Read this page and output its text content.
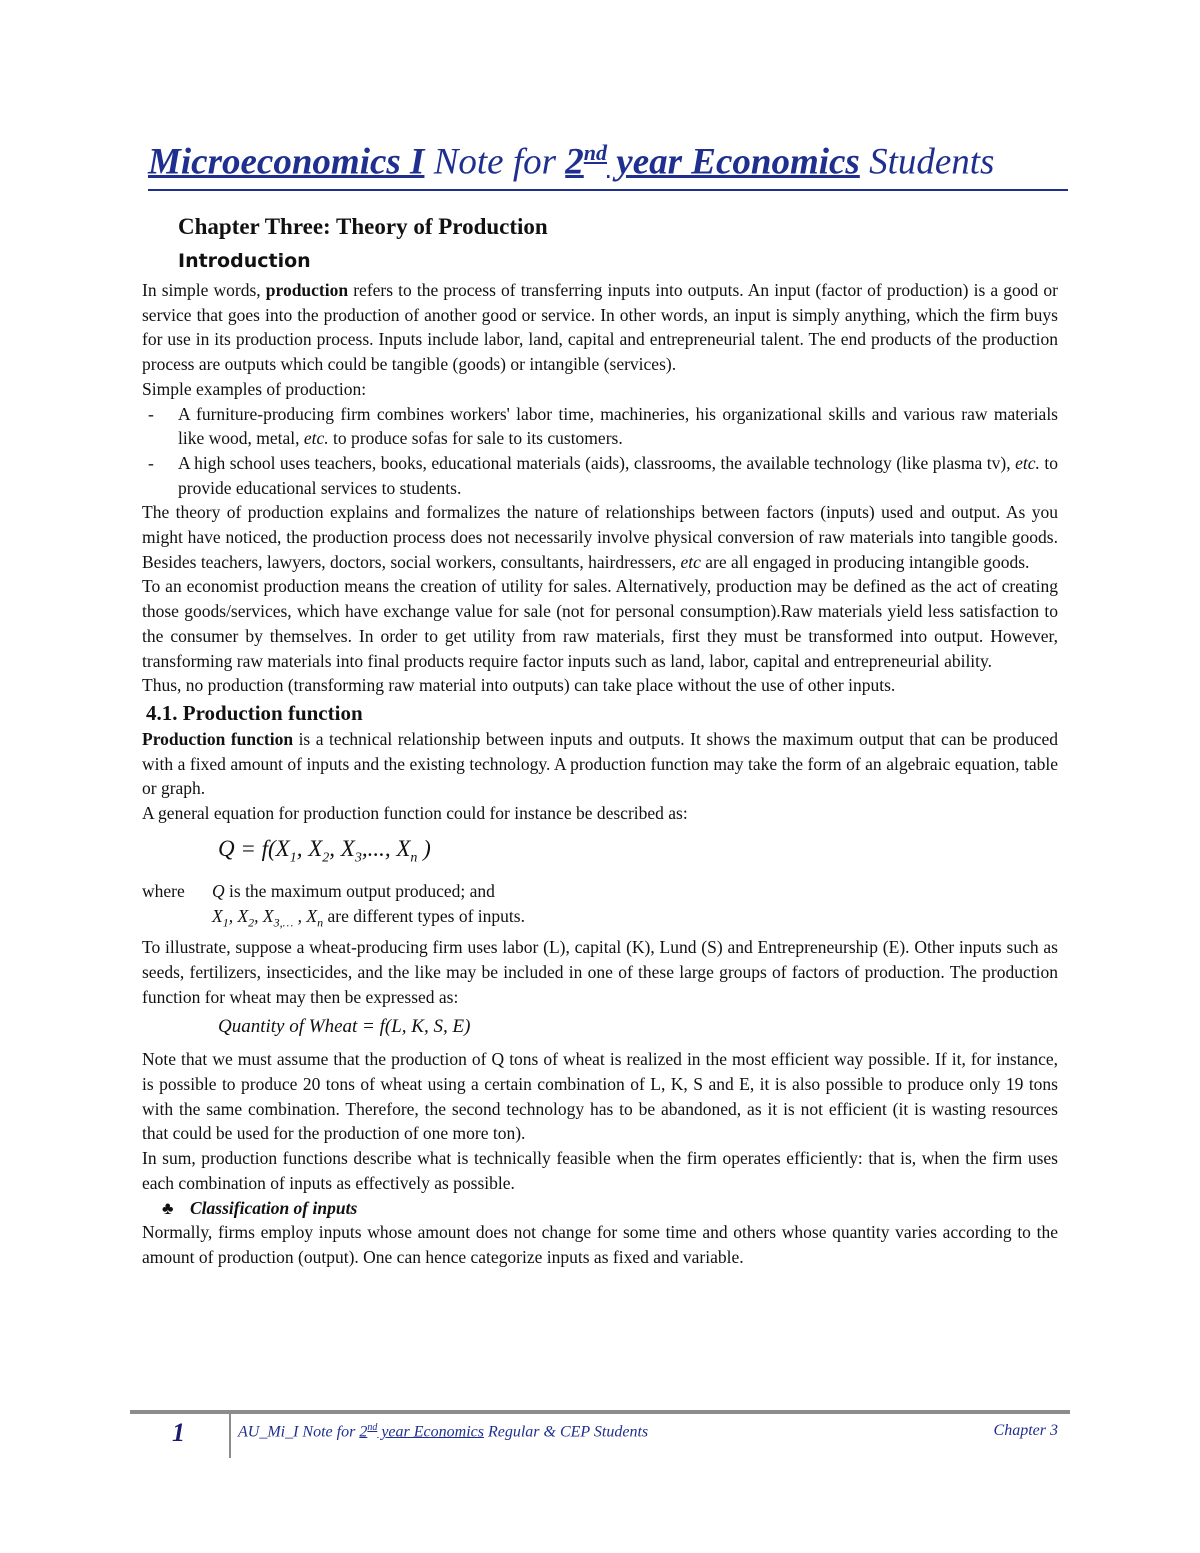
Microeconomics I Note for 2nd year Economics Students

Chapter Three: Theory of Production

Introduction

In simple words, production refers to the process of transferring inputs into outputs. An input (factor of production) is a good or service that goes into the production of another good or service. In other words, an input is simply anything, which the firm buys for use in its production process. Inputs include labor, land, capital and entrepreneurial talent. The end products of the production process are outputs which could be tangible (goods) or intangible (services).

Simple examples of production:

- A furniture-producing firm combines workers' labor time, machineries, his organizational skills and various raw materials like wood, metal, etc. to produce sofas for sale to its customers.
- A high school uses teachers, books, educational materials (aids), classrooms, the available technology (like plasma tv), etc. to provide educational services to students.

The theory of production explains and formalizes the nature of relationships between factors (inputs) used and output. As you might have noticed, the production process does not necessarily involve physical conversion of raw materials into tangible goods. Besides teachers, lawyers, doctors, social workers, consultants, hairdressers, etc are all engaged in producing intangible goods.

To an economist production means the creation of utility for sales. Alternatively, production may be defined as the act of creating those goods/services, which have exchange value for sale (not for personal consumption).Raw materials yield less satisfaction to the consumer by themselves. In order to get utility from raw materials, first they must be transformed into output. However, transforming raw materials into final products require factor inputs such as land, labor, capital and entrepreneurial ability.

Thus, no production (transforming raw material into outputs) can take place without the use of other inputs.

4.1. Production function

Production function is a technical relationship between inputs and outputs. It shows the maximum output that can be produced with a fixed amount of inputs and the existing technology. A production function may take the form of an algebraic equation, table or graph.

A general equation for production function could for instance be described as:

$Q = f(X_1$, $X_2$, $X_3$,..., $X_n$ )

where	Q is the maximum output produced; and
$X_1$, $X_2$, $X_{3,\dots}$ , $X_n$ are different types of inputs.

To illustrate, suppose a wheat-producing firm uses labor (L), capital (K), Lund (S) and Entrepreneurship (E). Other inputs such as seeds, fertilizers, insecticides, and the like may be included in one of these large groups of factors of production. The production function for wheat may then be expressed as:

Quantity of Wheat = f(L, K, S, E)

Note that we must assume that the production of Q tons of wheat is realized in the most efficient way possible. If it, for instance, is possible to produce 20 tons of wheat using a certain combination of L, K, S and E, it is also possible to produce only 19 tons with the same combination. Therefore, the second technology has to be abandoned, as it is not efficient (it is wasting resources that could be used for the production of one more ton).

In sum, production functions describe what is technically feasible when the firm operates efficiently: that is, when the firm uses each combination of inputs as effectively as possible.

♣ Classification of inputs

Normally, firms employ inputs whose amount does not change for some time and others whose quantity varies according to the amount of production (output). One can hence categorize inputs as fixed and variable.

1	AU_Mi_I Note for 2nd year Economics Regular & CEP Students	Chapter 3
